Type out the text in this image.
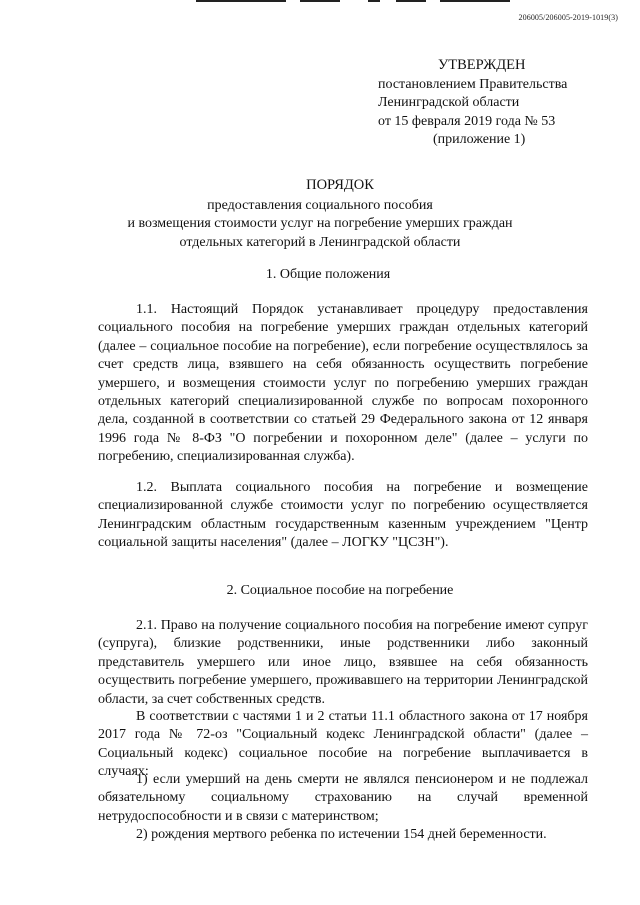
206005/206005-2019-1019(3)
УТВЕРЖДЕН
постановлением Правительства
Ленинградской области
от 15 февраля 2019 года № 53
(приложение 1)
ПОРЯДОК
предоставления социального пособия
и возмещения стоимости услуг на погребение умерших граждан
отдельных категорий в Ленинградской области
1. Общие положения

1.1. Настоящий Порядок устанавливает процедуру предоставления социального пособия на погребение умерших граждан отдельных категорий (далее – социальное пособие на погребение), если погребение осуществлялось за счет средств лица, взявшего на себя обязанность осуществить погребение умершего, и возмещения стоимости услуг по погребению умерших граждан отдельных категорий специализированной службе по вопросам похоронного дела, созданной в соответствии со статьей 29 Федерального закона от 12 января 1996 года № 8-ФЗ "О погребении и похоронном деле" (далее – услуги по погребению, специализированная служба).

1.2. Выплата социального пособия на погребение и возмещение специализированной службе стоимости услуг по погребению осуществляется Ленинградским областным государственным казенным учреждением "Центр социальной защиты населения" (далее – ЛОГКУ "ЦСЗН").

2. Социальное пособие на погребение

2.1. Право на получение социального пособия на погребение имеют супруг (супруга), близкие родственники, иные родственники либо законный представитель умершего или иное лицо, взявшее на себя обязанность осуществить погребение умершего, проживавшего на территории Ленинградской области, за счет собственных средств.

В соответствии с частями 1 и 2 статьи 11.1 областного закона от 17 ноября 2017 года № 72-оз "Социальный кодекс Ленинградской области" (далее – Социальный кодекс) социальное пособие на погребение выплачивается в случаях:

1) если умерший на день смерти не являлся пенсионером и не подлежал обязательному социальному страхованию на случай временной нетрудоспособности и в связи с материнством;

2) рождения мертвого ребенка по истечении 154 дней беременности.
